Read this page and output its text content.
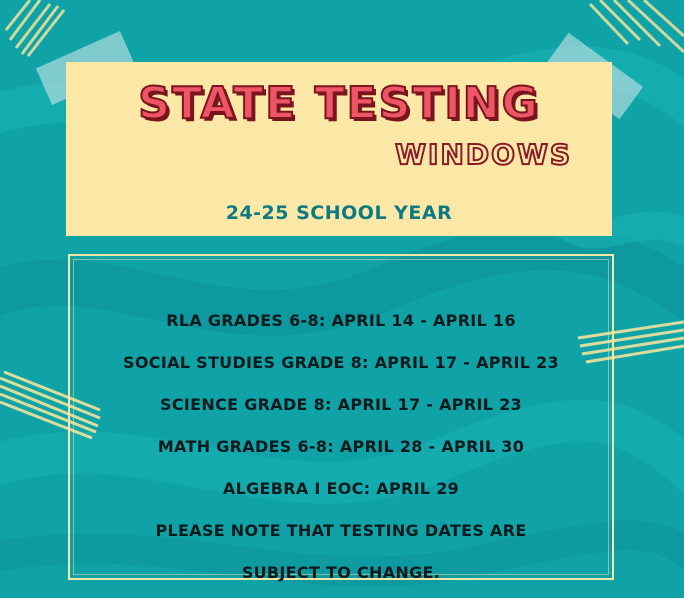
STATE TESTING
WINDOWS
24-25 SCHOOL YEAR
RLA GRADES 6-8: APRIL 14 - APRIL 16
SOCIAL STUDIES GRADE 8: APRIL 17 - APRIL 23
SCIENCE GRADE 8: APRIL 17 - APRIL 23
MATH GRADES 6-8: APRIL 28 - APRIL 30
ALGEBRA I EOC: APRIL 29
PLEASE NOTE THAT TESTING DATES ARE SUBJECT TO CHANGE.
